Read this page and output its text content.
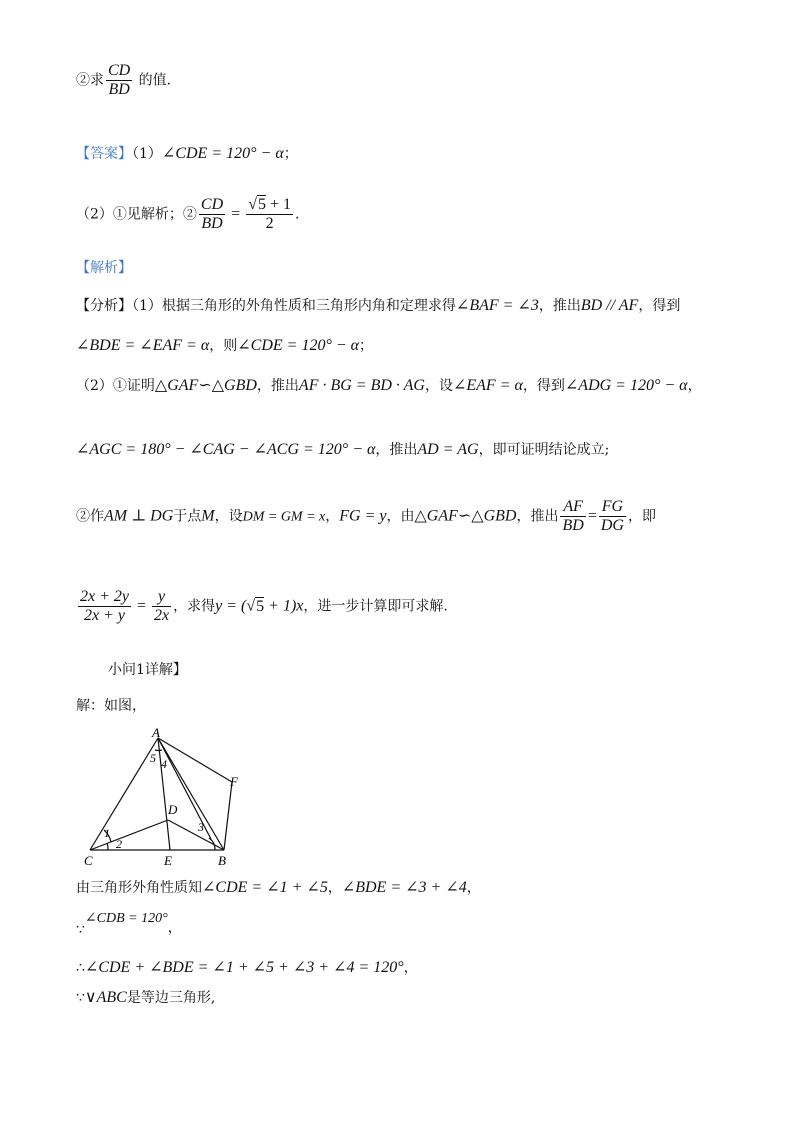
②求 $\frac{CD}{BD}$ 的值.
【答案】（1）∠CDE = 120° − α；
（2）①见解析；② $\frac{CD}{BD} = \frac{√5 + 1}{2}$ .
【解析】
【分析】（1）根据三角形的外角性质和三角形内角和定理求得∠BAF = ∠3，推出BD // AF，得到
∠BDE = ∠EAF = α，则∠CDE = 120° − α；
（2）①证明△GAF∽△GBD，推出AF · BG = BD · AG，设∠EAF = α，得到∠ADG = 120° − α，
∠AGC = 180° − ∠CAG − ∠ACG = 120° − α，推出AD = AG，即可证明结论成立;
②作AM ⊥ DG于点M，设DM = GM = x，FG = y，由△GAF∽△GBD，推出 $\frac{AF}{BD} = \frac{FG}{DG}$ ，即
$\frac{2x + 2y}{2x + y} = \frac{y}{2x}$ ，求得y = (√5 + 1)x，进一步计算即可求解.
小问1详解】
解：如图，
A
B
C
D
E
F
1
2
3
4
5
由三角形外角性质知∠CDE = ∠1 + ∠5，∠BDE = ∠3 + ∠4，
∵∠CDB = 120°，
∴∠CDE + ∠BDE = ∠1 + ∠5 + ∠3 + ∠4 = 120°，
∵∨ABC是等边三角形,
